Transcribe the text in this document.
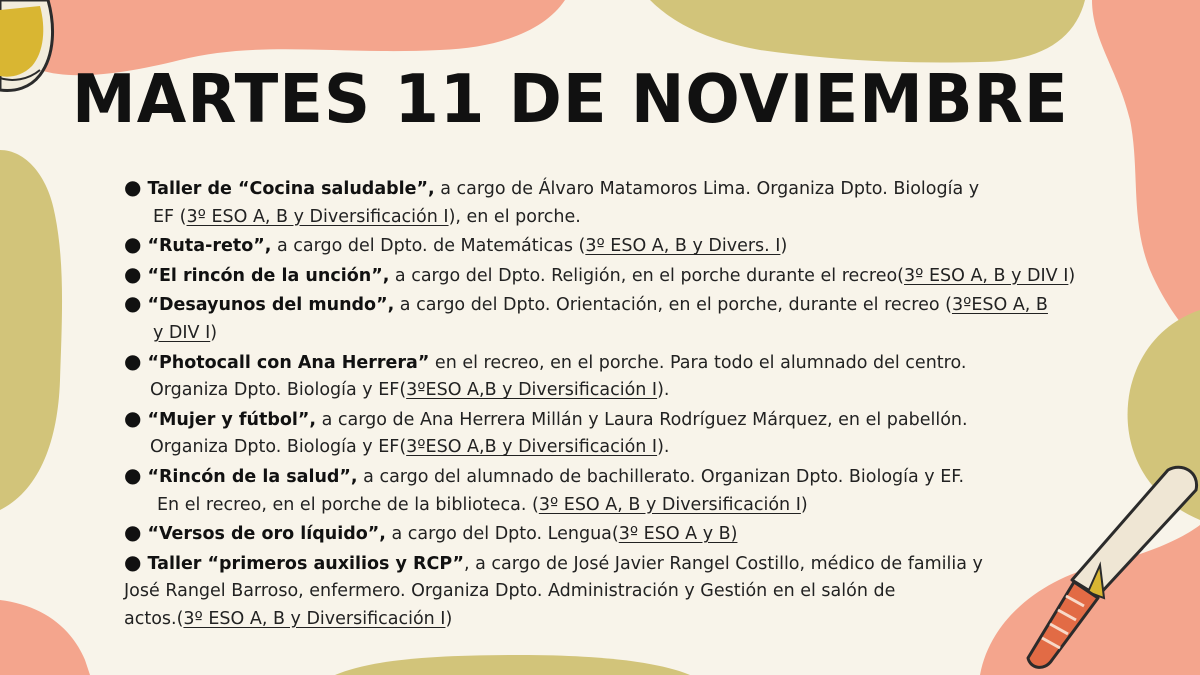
MARTES 11 DE NOVIEMBRE
● Taller de “Cocina saludable”, a cargo de Álvaro Matamoros Lima. Organiza Dpto. Biología y
EF (3º ESO A, B y Diversificación I), en el porche.
● “Ruta-reto”, a cargo del Dpto. de Matemáticas (3º ESO A, B y Divers. I)
● “El rincón de la unción”, a cargo del Dpto. Religión, en el porche durante el recreo(3º ESO A, B y DIV I)
● “Desayunos del mundo”, a cargo del Dpto. Orientación, en el porche, durante el recreo (3ºESO A, B
y DIV I)
● “Photocall con Ana Herrera” en el recreo, en el porche. Para todo el alumnado del centro.
Organiza Dpto. Biología y EF(3ºESO A,B y Diversificación I).
● “Mujer y fútbol”, a cargo de Ana Herrera Millán y Laura Rodríguez Márquez, en el pabellón.
Organiza Dpto. Biología y EF(3ºESO A,B y Diversificación I).
● “Rincón de la salud”, a cargo del alumnado de bachillerato. Organizan Dpto. Biología y EF.
En el recreo, en el porche de la biblioteca. (3º ESO A, B y Diversificación I)
● “Versos de oro líquido”, a cargo del Dpto. Lengua(3º ESO A y B)
● Taller “primeros auxilios y RCP”, a cargo de José Javier Rangel Costillo, médico de familia y
José Rangel Barroso, enfermero. Organiza Dpto. Administración y Gestión en el salón de
actos.(3º ESO A, B y Diversificación I)
